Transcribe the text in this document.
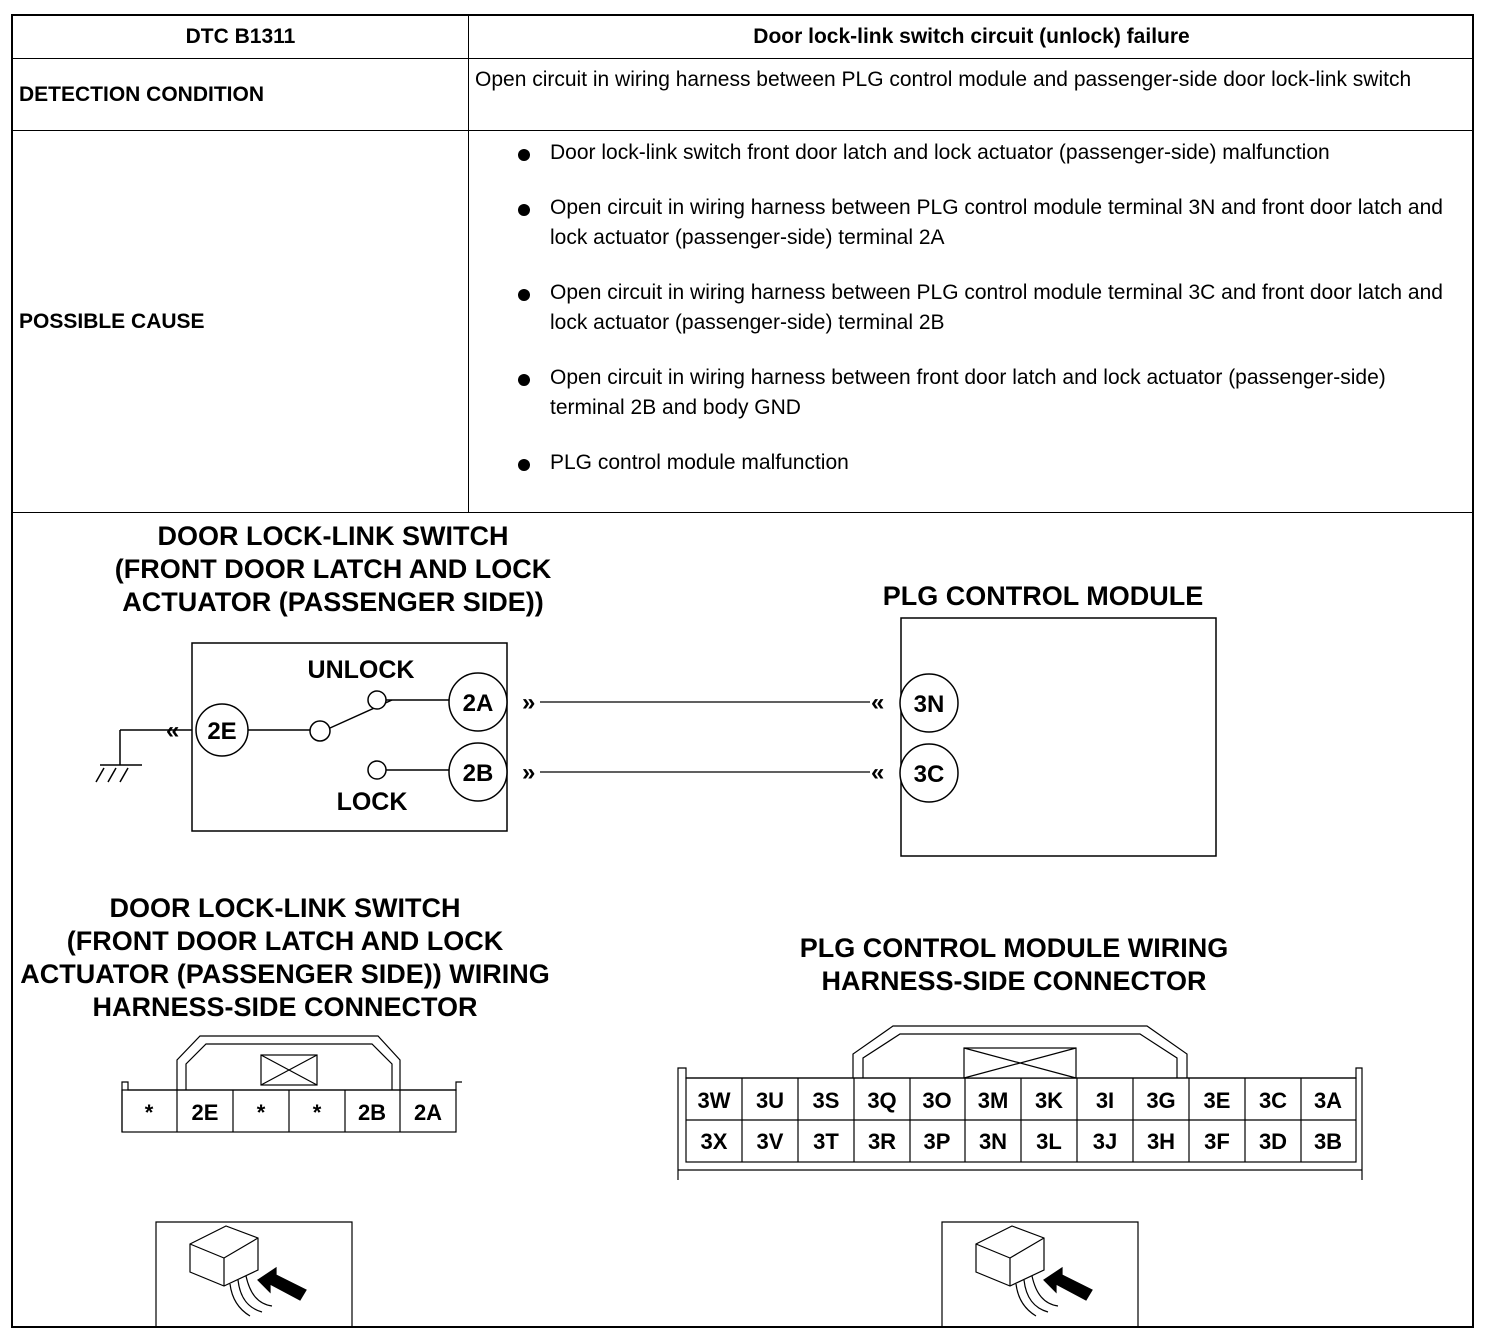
DTC B1311	Door lock-link switch circuit (unlock) failure
DETECTION CONDITION
Open circuit in wiring harness between PLG control module and passenger-side door lock-link switch
POSSIBLE CAUSE
Door lock-link switch front door latch and lock actuator (passenger-side) malfunction
Open circuit in wiring harness between PLG control module terminal 3N and front door latch and lock actuator (passenger-side) terminal 2A
Open circuit in wiring harness between PLG control module terminal 3C and front door latch and lock actuator (passenger-side) terminal 2B
Open circuit in wiring harness between front door latch and lock actuator (passenger-side) terminal 2B and body GND
PLG control module malfunction
DOOR LOCK-LINK SWITCH
(FRONT DOOR LATCH AND LOCK
ACTUATOR (PASSENGER SIDE))	PLG CONTROL MODULE
« 2E
UNLOCK
LOCK
2A
2B
»
»
«
«
3N
3C
DOOR LOCK-LINK SWITCH
(FRONT DOOR LATCH AND LOCK
ACTUATOR (PASSENGER SIDE)) WIRING
HARNESS-SIDE CONNECTOR
* 2E * * 2B 2A
PLG CONTROL MODULE WIRING
HARNESS-SIDE CONNECTOR
3W 3U 3S 3Q 3O 3M 3K 3I 3G 3E 3C 3A
3X 3V 3T 3R 3P 3N 3L 3J 3H 3F 3D 3B
